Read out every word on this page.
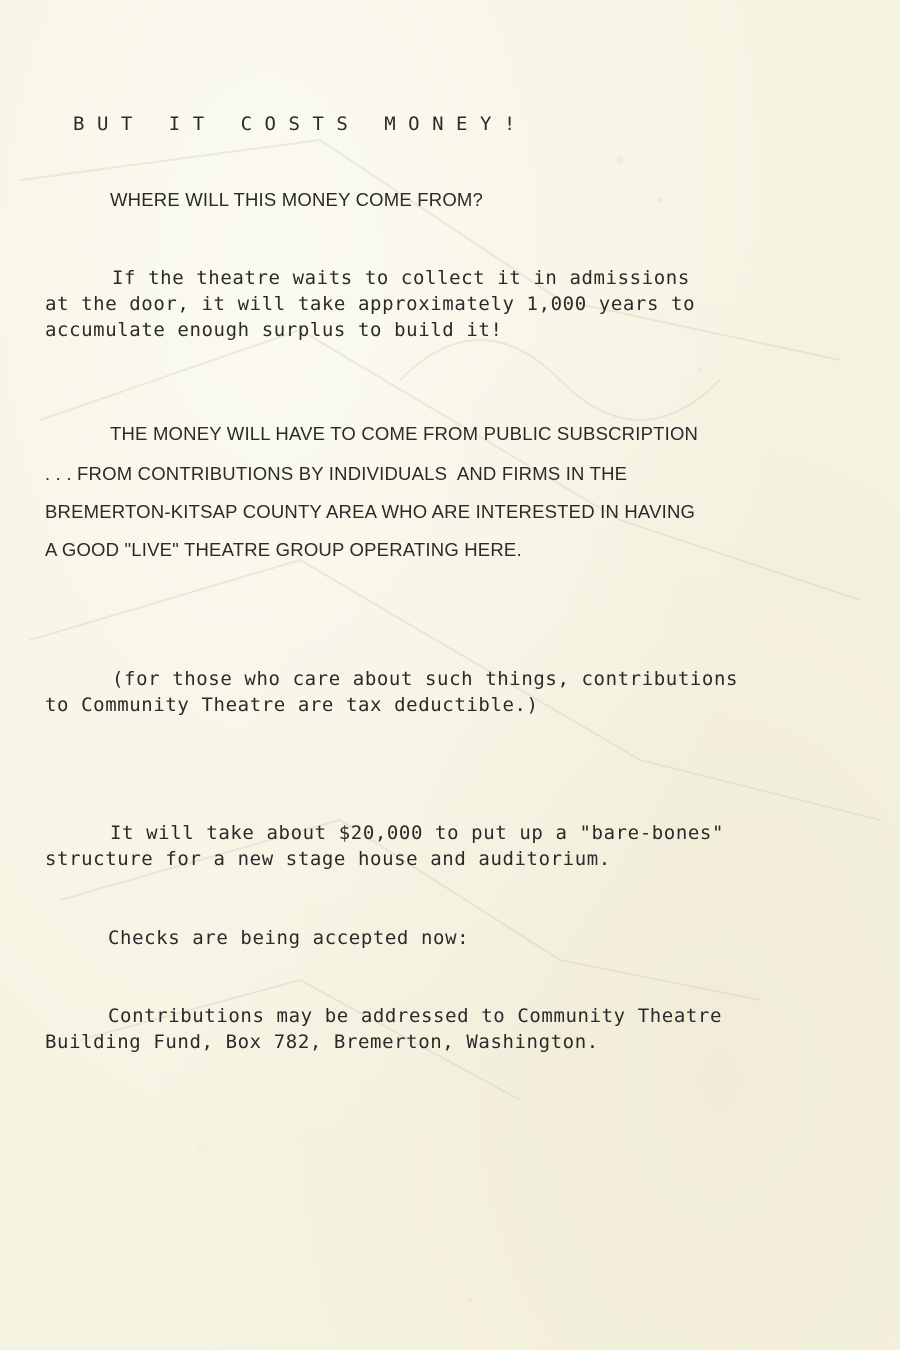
BUT IT COSTS MONEY!
WHERE WILL THIS MONEY COME FROM?
If the theatre waits to collect it in admissions
at the door, it will take approximately 1,000 years to
accumulate enough surplus to build it!
THE MONEY WILL HAVE TO COME FROM PUBLIC SUBSCRIPTION
. . . FROM CONTRIBUTIONS BY INDIVIDUALS  AND FIRMS IN THE
BREMERTON-KITSAP COUNTY AREA WHO ARE INTERESTED IN HAVING
A GOOD "LIVE" THEATRE GROUP OPERATING HERE.
(for those who care about such things, contributions
to Community Theatre are tax deductible.)
It will take about $20,000 to put up a "bare-bones"
structure for a new stage house and auditorium.
Checks are being accepted now:
Contributions may be addressed to Community Theatre
Building Fund, Box 782, Bremerton, Washington.
